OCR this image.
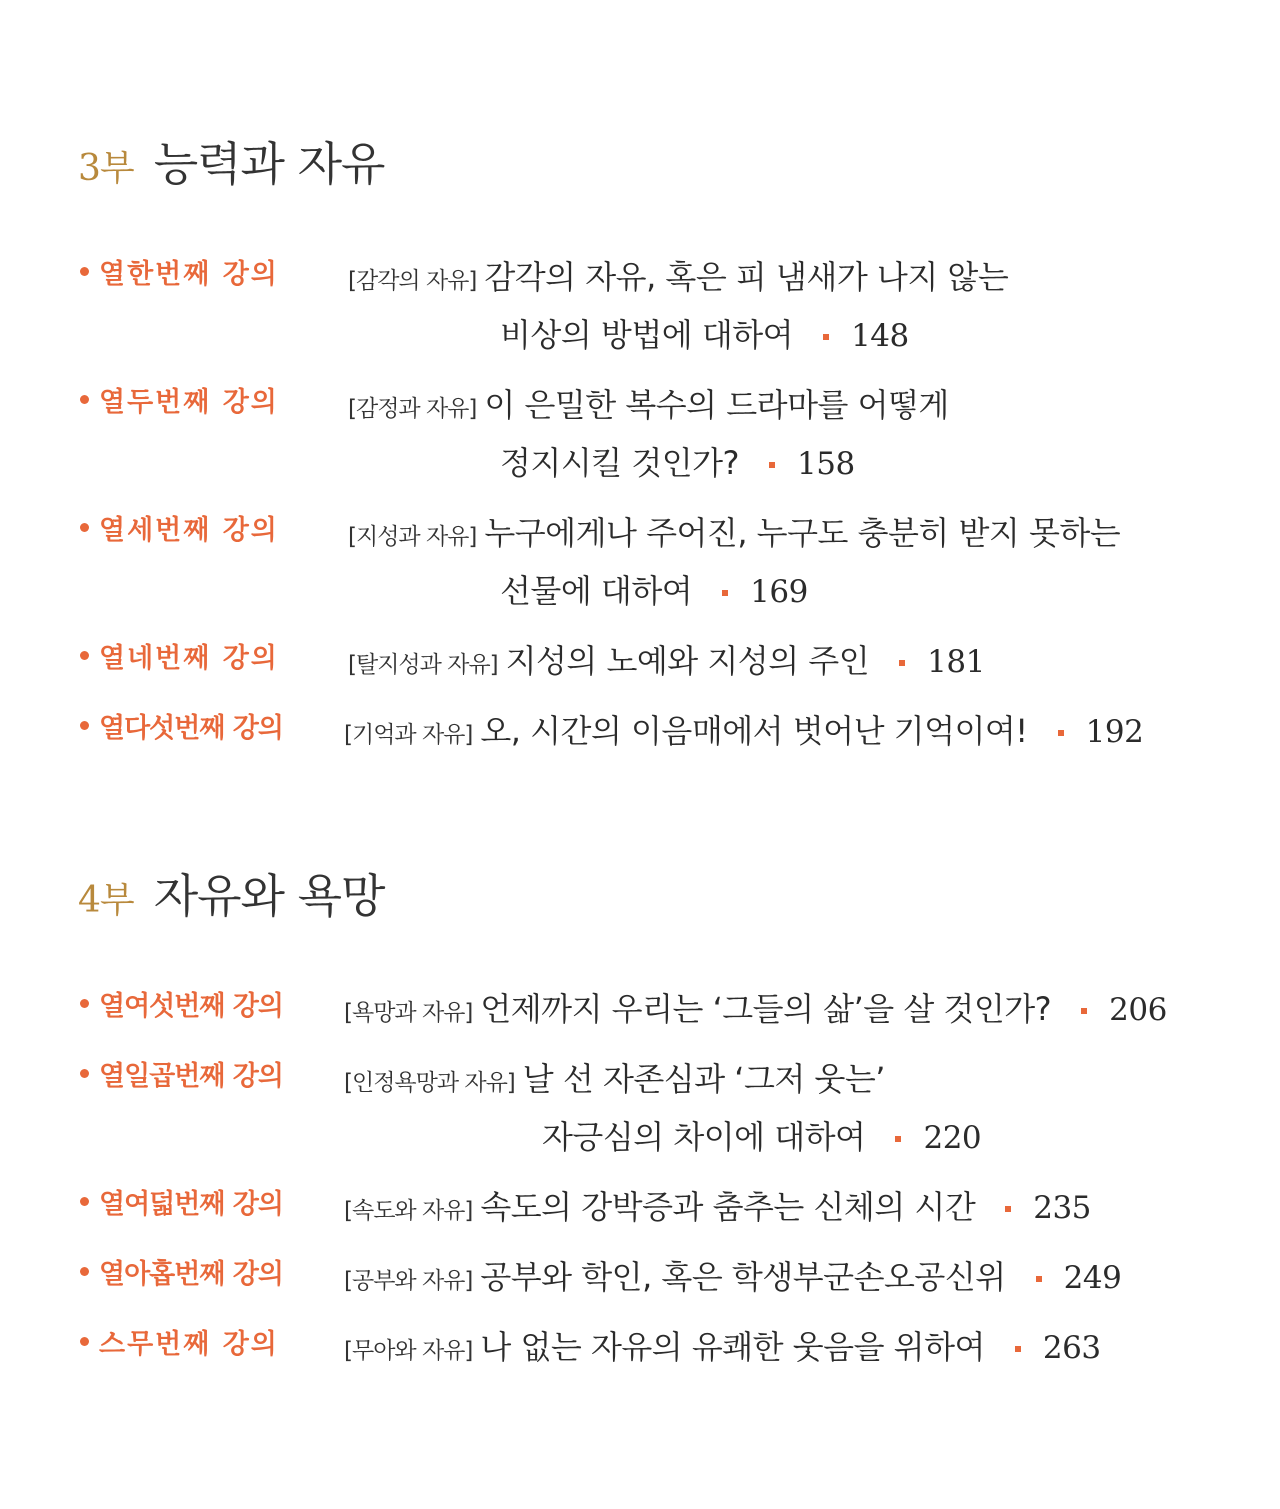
3부 능력과 자유
열한번째 강의	[감각의 자유] 감각의 자유, 혹은 피 냄새가 나지 않는
비상의 방법에 대하여 148
열두번째 강의	[감정과 자유] 이 은밀한 복수의 드라마를 어떻게
정지시킬 것인가? 158
열세번째 강의	[지성과 자유] 누구에게나 주어진, 누구도 충분히 받지 못하는
선물에 대하여 169
열네번째 강의	[탈지성과 자유] 지성의 노예와 지성의 주인 181
열다섯번째 강의	[기억과 자유] 오, 시간의 이음매에서 벗어난 기억이여! 192
4부 자유와 욕망
열여섯번째 강의	[욕망과 자유] 언제까지 우리는 ‘그들의 삶’을 살 것인가? 206
열일곱번째 강의	[인정욕망과 자유] 날 선 자존심과 ‘그저 웃는’
자긍심의 차이에 대하여 220
열여덟번째 강의	[속도와 자유] 속도의 강박증과 춤추는 신체의 시간 235
열아홉번째 강의	[공부와 자유] 공부와 학인, 혹은 학생부군손오공신위 249
스무번째 강의	[무아와 자유] 나 없는 자유의 유쾌한 웃음을 위하여 263
